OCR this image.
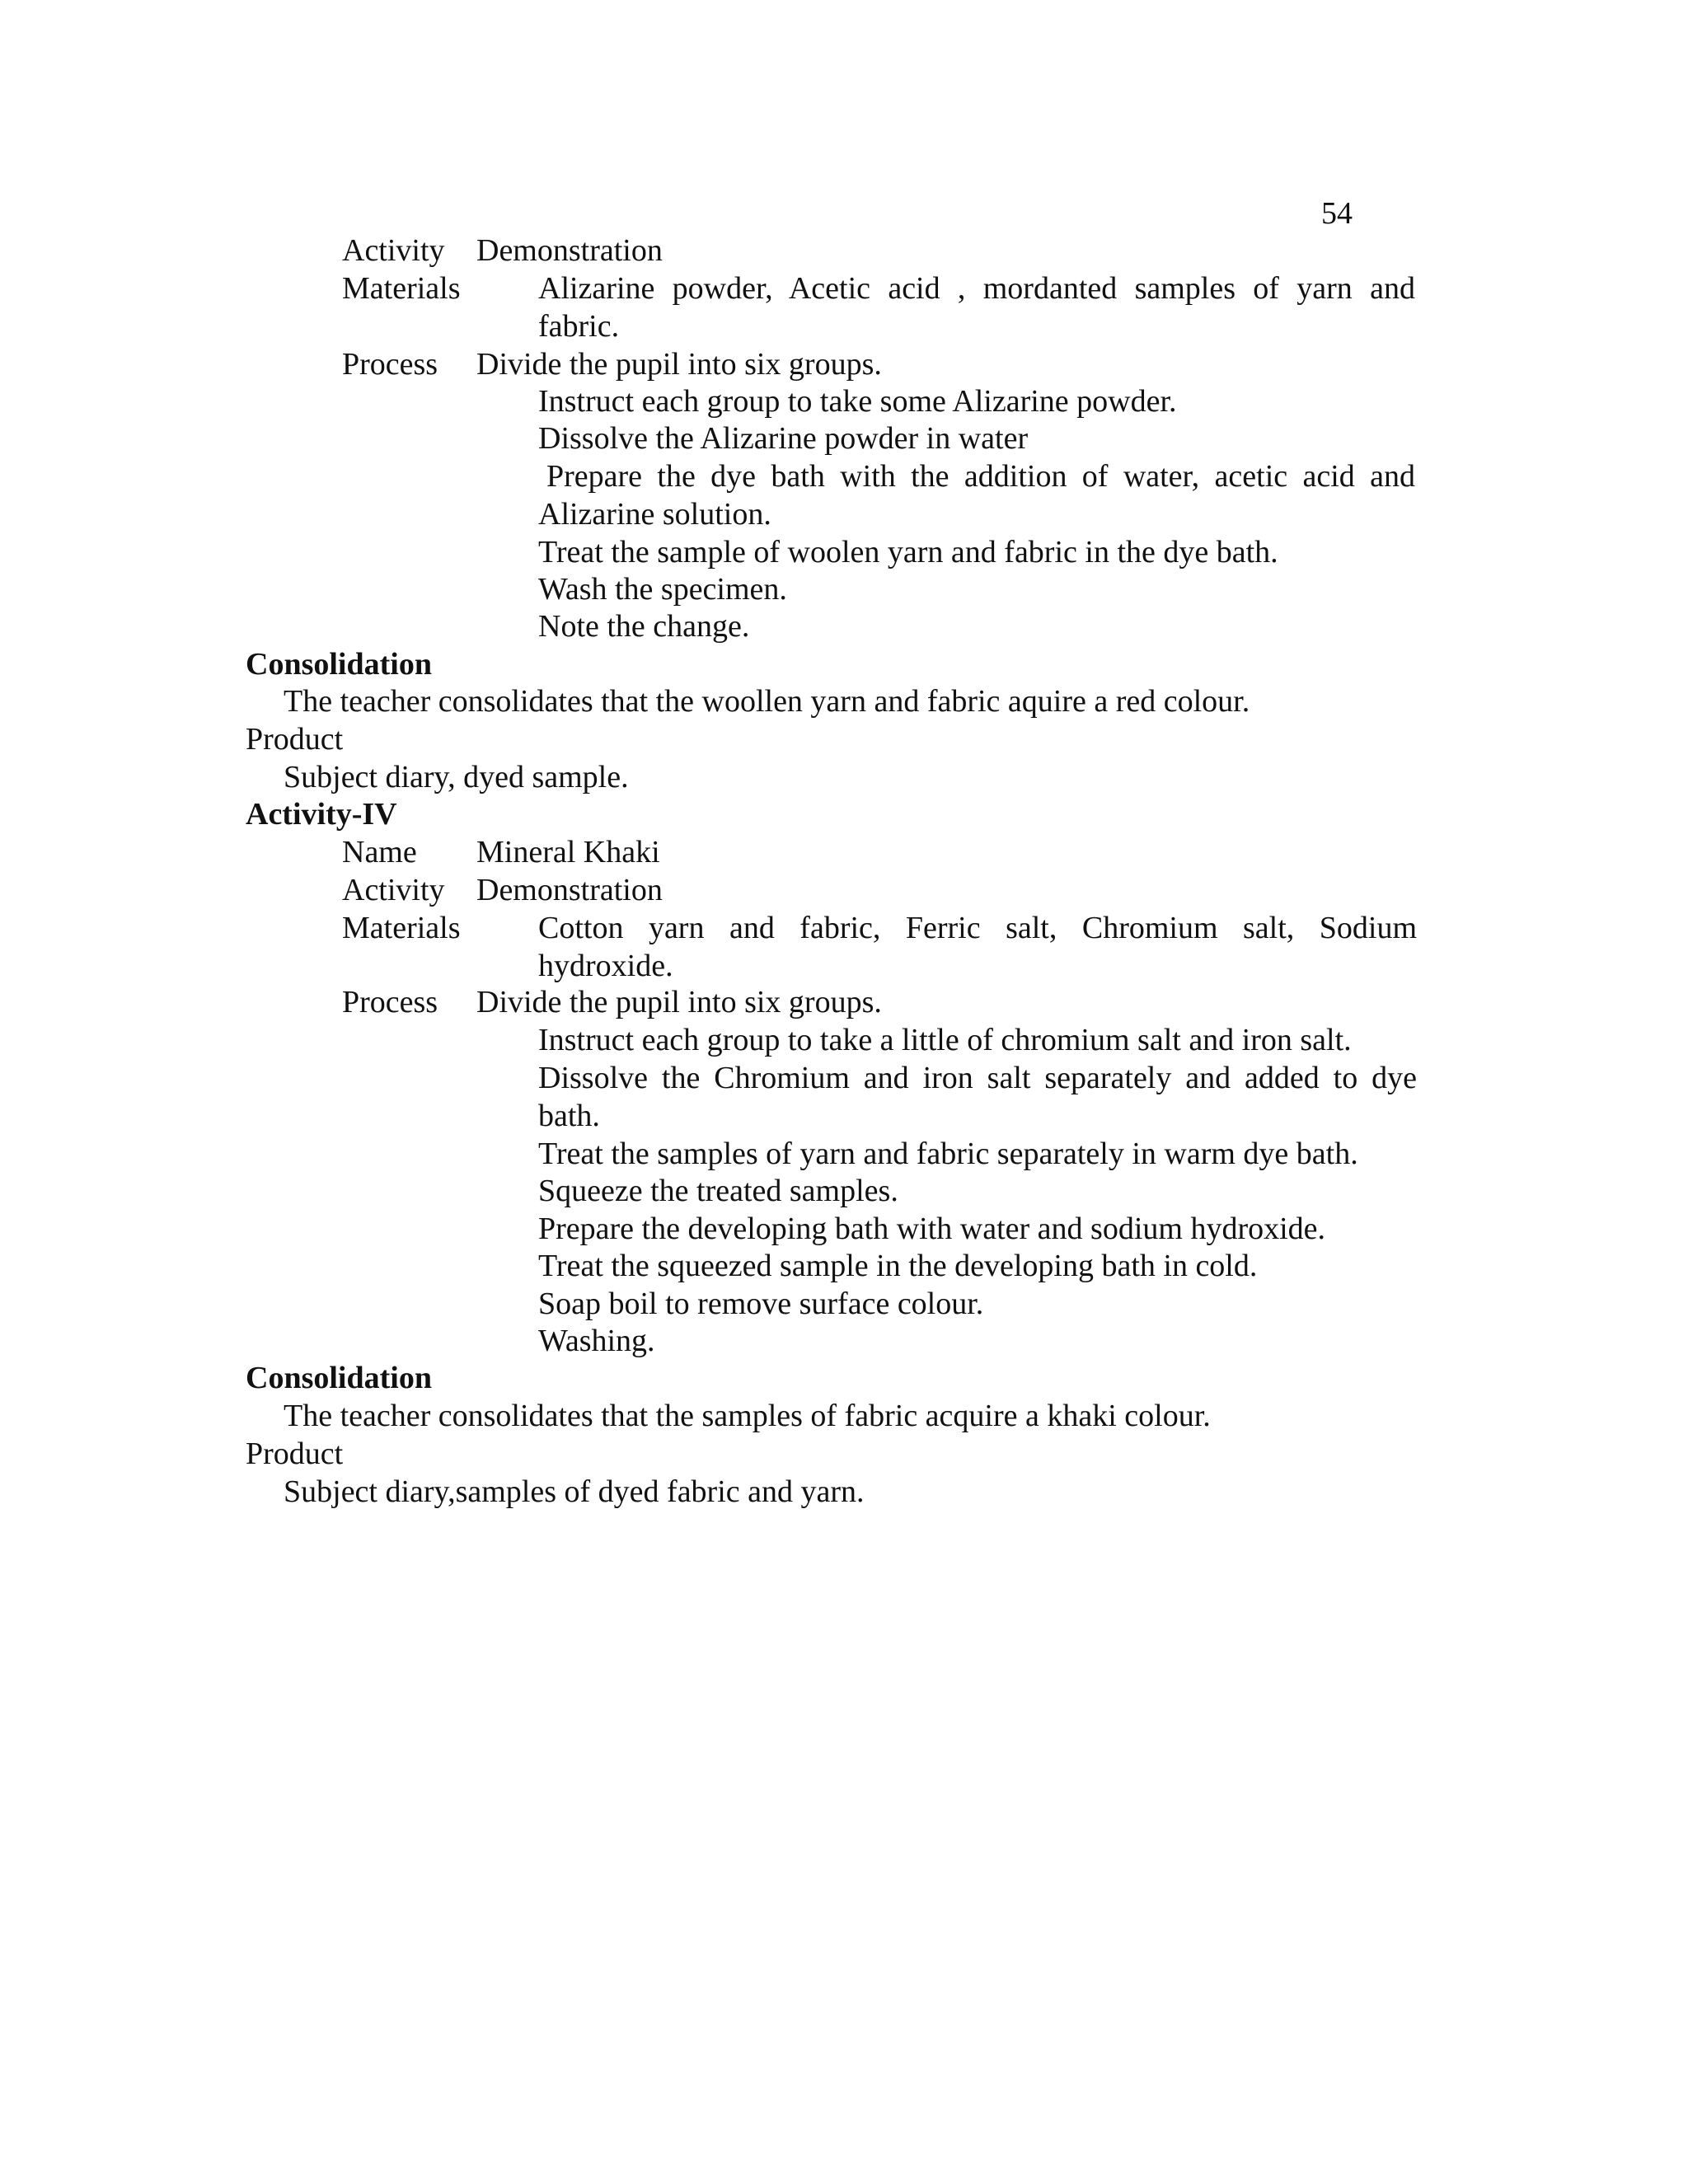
54
Activity Demonstration
Materials Alizarine powder, Acetic acid , mordanted samples of yarn and
fabric.
Process Divide the pupil into six groups.
Instruct each group to take some Alizarine powder.
Dissolve the Alizarine powder in water
Prepare the dye bath with the addition of water, acetic acid and
Alizarine solution.
Treat the sample of woolen yarn and fabric in the dye bath.
Wash the specimen.
Note the change.
Consolidation
The teacher consolidates that the woollen yarn and fabric aquire a red colour.
Product
Subject diary, dyed sample.
Activity-IV
Name Mineral Khaki
Activity Demonstration
Materials Cotton yarn and fabric, Ferric salt, Chromium salt, Sodium
hydroxide.
Process Divide the pupil into six groups.
Instruct each group to take a little of chromium salt and iron salt.
Dissolve the Chromium and iron salt separately and added to dye
bath.
Treat the samples of yarn and fabric separately in warm dye bath.
Squeeze the treated samples.
Prepare the developing bath with water and sodium hydroxide.
Treat the squeezed sample in the developing bath in cold.
Soap boil to remove surface colour.
Washing.
Consolidation
The teacher consolidates that the samples of fabric acquire a khaki colour.
Product
Subject diary,samples of dyed fabric and yarn.
